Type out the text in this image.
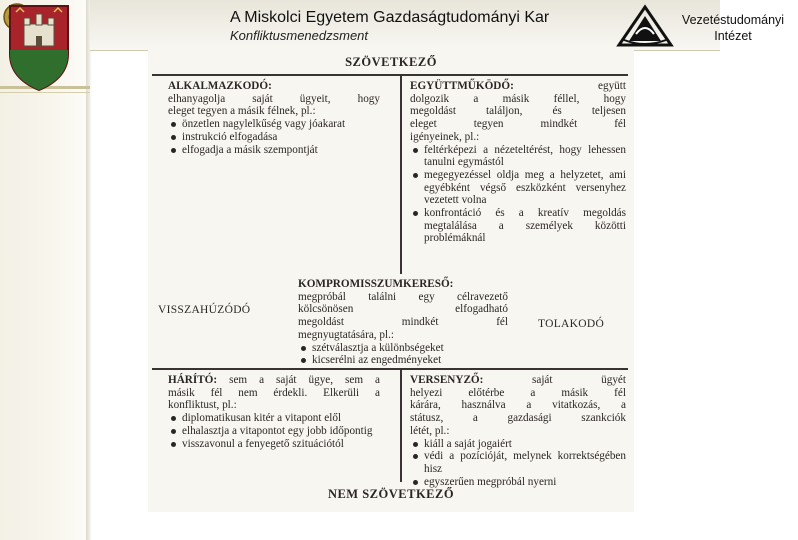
A Miskolci Egyetem Gazdaságtudományi Kar
Konfliktusmenedzsment
Vezetéstudományi
Intézet
SZÖVETKEZŐ
ALKALMAZKODÓ:
elhanyagolja saját ügyeit, hogy
eleget tegyen a másik félnek, pl.:
önzetlen nagylelkűség vagy jóakarat
instrukció elfogadása
elfogadja a másik szempontját
EGYÜTTMŰKÖDŐ:	együtt
dolgozik a másik féllel, hogy
megoldást találjon, és teljesen
eleget tegyen mindkét fél
igényeinek, pl.:
feltérképezi a nézeteltérést, hogy lehessen tanulni egymástól
megegyezéssel oldja meg a helyzetet, ami egyébként végső eszközként versenyhez vezetett volna
konfrontáció és a kreatív megoldás megtalálása a személyek közötti problémáknál
KOMPROMISSZUMKERESŐ:
megpróbál találni egy célravezető
kölcsönösen elfogadható
megoldást mindkét fél
megnyugtatására, pl.:
szétválasztja a különbségeket
kicserélni az engedményeket
VISSZAHÚZÓDÓ
TOLAKODÓ
HÁRÍTÓ: sem a saját ügye, sem a
másik fél nem érdekli. Elkerüli a
konfliktust, pl.:
diplomatikusan kitér a vitapont elől
elhalasztja a vitapontot egy jobb időpontig
visszavonul a fenyegető szituációtól
VERSENYZŐ:	saját ügyét
helyezi előtérbe a másik fél
kárára, használva a vitatkozás, a
státusz, a gazdasági szankciók
létét, pl.:
kiáll a saját jogaiért
védi a pozícióját, melynek korrektségében hisz
egyszerűen megpróbál nyerni
NEM SZÖVETKEZŐ
